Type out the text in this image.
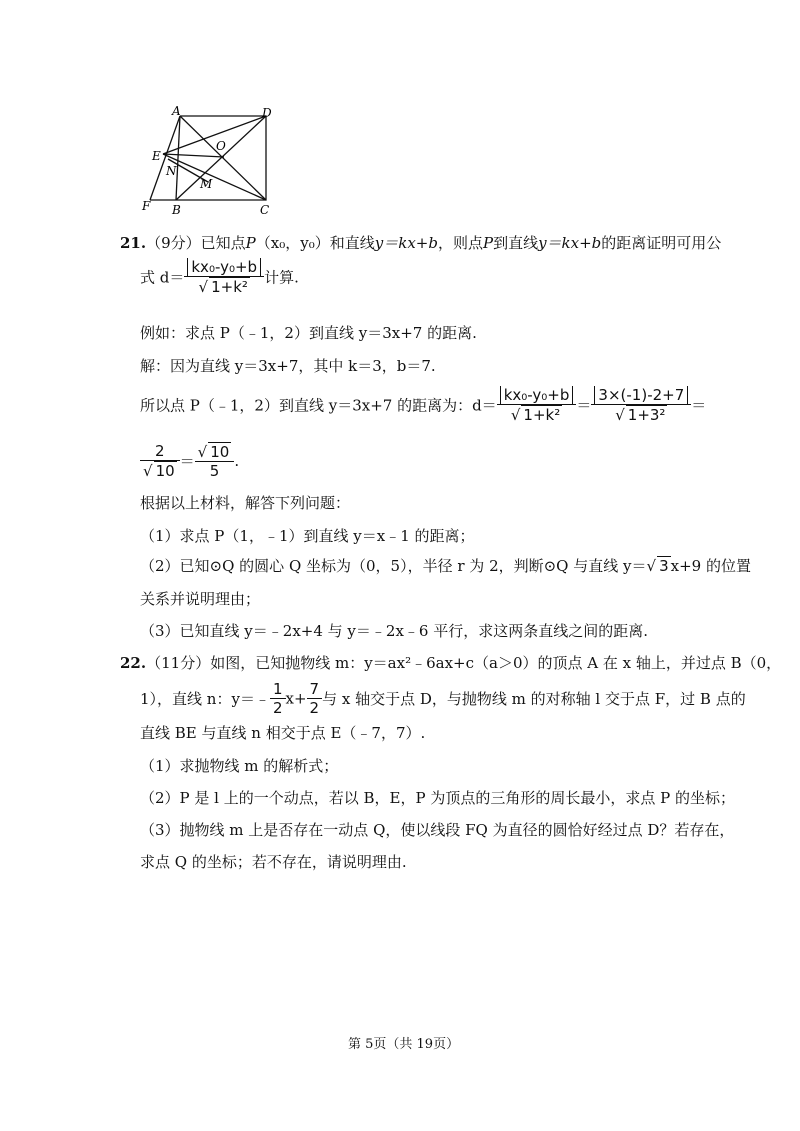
A	D
O
E
N
M
F B	C
21.（9分）已知点P（x₀，y₀）和直线y＝kx+b，则点P到直线y＝kx+b的距离证明可用公
式 $d= \frac{\text{kx₀-y₀+b}}{\text{√ 1+k²}}$ 计算.
例如：求点 P（﹣1，2）到直线 y＝3x+7 的距离.
解：因为直线 y＝3x+7，其中 k＝3，b＝7.
所以点 P（﹣1，2）到直线 y＝3x+7 的距离为：$d= \frac{\text{kx₀-y₀+b}}{\text{√ 1+k²}} = \frac{3\times(-1)-2+7}{\text{√ 1+3²}}$ ＝
$\frac{2}{√ 10} = \frac{√ 10}{5}$ .
根据以上材料，解答下列问题：
（1）求点 P（1，﹣1）到直线 y＝x﹣1 的距离；
（2）已知⊙Q 的圆心 Q 坐标为（0，5），半径 r 为 2，判断⊙Q 与直线 y＝√ 3 x+9 的位置
关系并说明理由；
（3）已知直线 y＝﹣2x+4 与 y＝﹣2x﹣6 平行，求这两条直线之间的距离.
22.（11分）如图，已知抛物线 m：y＝ax²﹣6ax+c（a＞0）的顶点 A 在 x 轴上，并过点 B（0，
1），直线 n：y＝﹣ $\frac{1}{2} x+ \frac{7}{2}$ 与 x 轴交于点 D，与抛物线 m 的对称轴 l 交于点 F，过 B 点的
直线 BE 与直线 n 相交于点 E（﹣7，7）.
（1）求抛物线 m 的解析式；
（2）P 是 l 上的一个动点，若以 B，E，P 为顶点的三角形的周长最小，求点 P 的坐标；
（3）抛物线 m 上是否存在一动点 Q，使以线段 FQ 为直径的圆恰好经过点 D？若存在，
求点 Q 的坐标；若不存在，请说明理由.
第 5页（共 19页）
